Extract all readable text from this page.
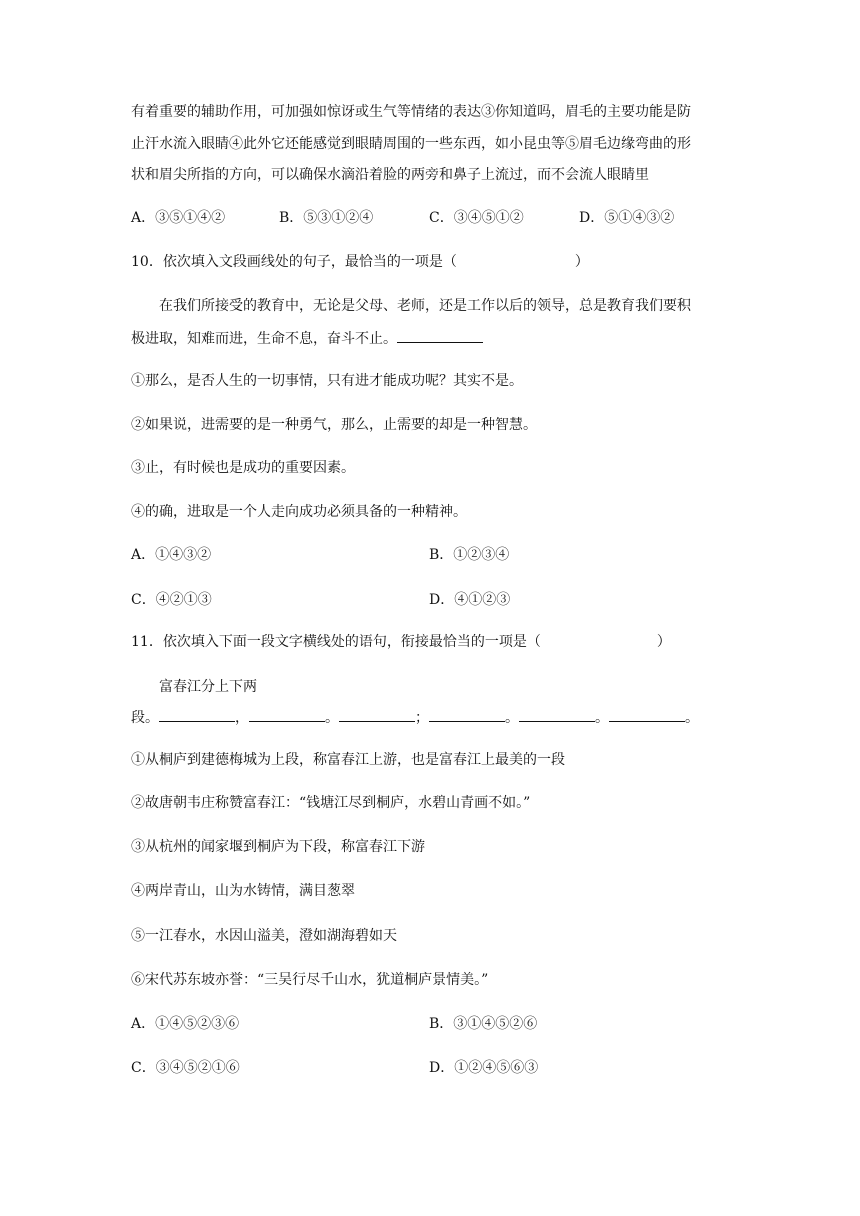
有着重要的辅助作用，可加强如惊讶或生气等情绪的表达③你知道吗，眉毛的主要功能是防
止汗水流入眼睛④此外它还能感觉到眼睛周围的一些东西，如小昆虫等⑤眉毛边缘弯曲的形
状和眉尖所指的方向，可以确保水滴沿着脸的两旁和鼻子上流过，而不会流人眼睛里
A．③⑤①④②	B．⑤③①②④	C．③④⑤①②	D．⑤①④③②
10．依次填入文段画线处的句子，最恰当的一项是（	）
在我们所接受的教育中，无论是父母、老师，还是工作以后的领导，总是教育我们要积
极进取，知难而进，生命不息，奋斗不止。
①那么，是否人生的一切事情，只有进才能成功呢？其实不是。
②如果说，进需要的是一种勇气，那么，止需要的却是一种智慧。
③止，有时候也是成功的重要因素。
④的确，进取是一个人走向成功必须具备的一种精神。
A．①④③②	B．①②③④
C．④②①③	D．④①②③
11．依次填入下面一段文字横线处的语句，衔接最恰当的一项是（	）
富春江分上下两
段。	，	。	；	。	。	。
①从桐庐到建德梅城为上段，称富春江上游，也是富春江上最美的一段
②故唐朝韦庄称赞富春江：“钱塘江尽到桐庐，水碧山青画不如。”
③从杭州的闻家堰到桐庐为下段，称富春江下游
④两岸青山，山为水铸情，满目葱翠
⑤一江春水，水因山溢美，澄如湖海碧如天
⑥宋代苏东坡亦誉：“三吴行尽千山水，犹道桐庐景情美。”
A．①④⑤②③⑥	B．③①④⑤②⑥
C．③④⑤②①⑥	D．①②④⑤⑥③
